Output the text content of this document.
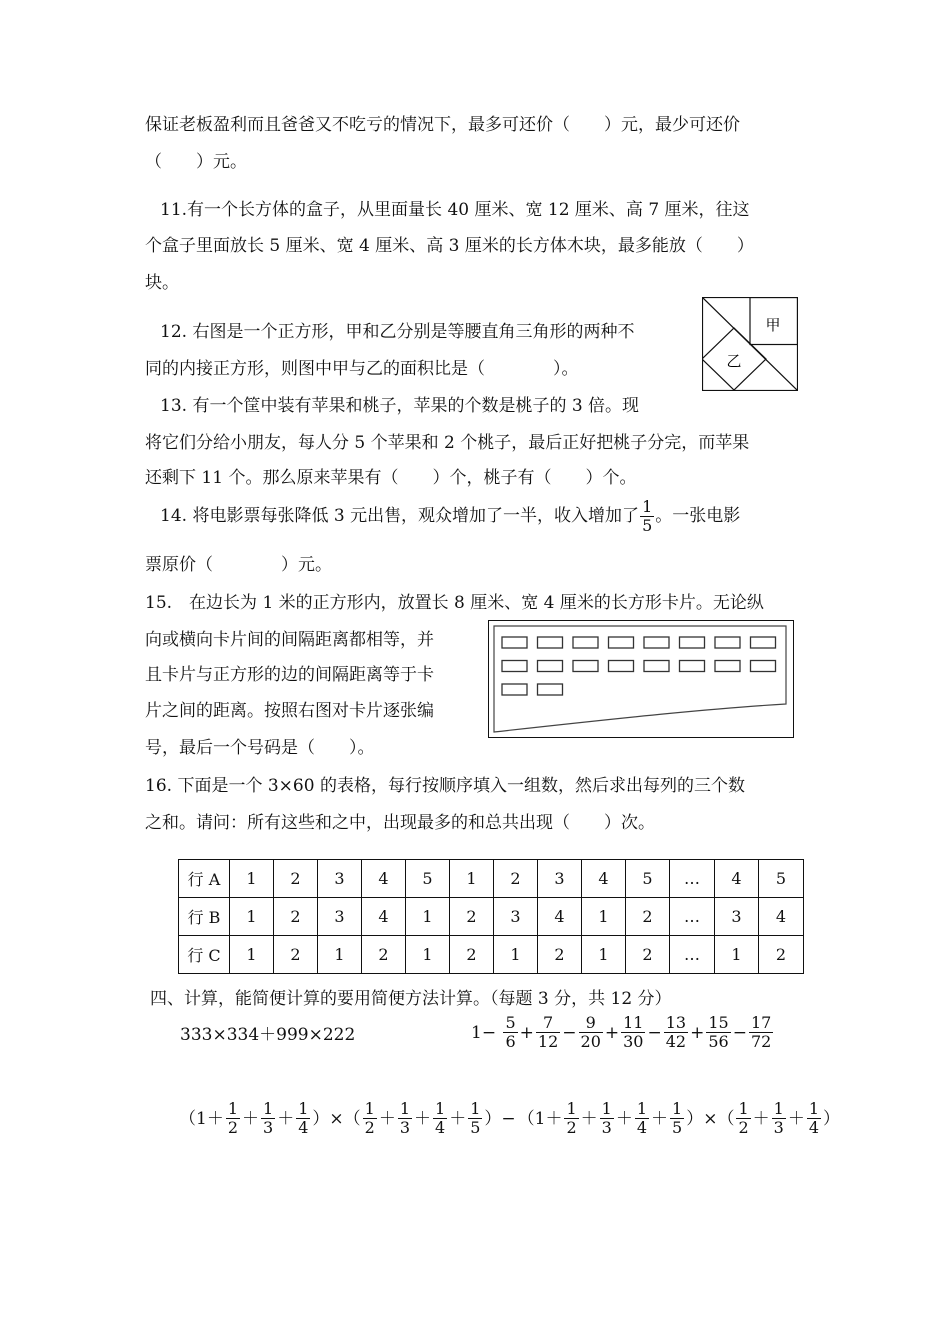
保证老板盈利而且爸爸又不吃亏的情况下，最多可还价（　　）元，最少可还价
（　　）元。
11.有一个长方体的盒子，从里面量长 40 厘米、宽 12 厘米、高 7 厘米，往这
个盒子里面放长 5 厘米、宽 4 厘米、高 3 厘米的长方体木块，最多能放（　　）
块。
12. 右图是一个正方形，甲和乙分别是等腰直角三角形的两种不
同的内接正方形，则图中甲与乙的面积比是（　　　　）。
甲
乙
13. 有一个筐中装有苹果和桃子，苹果的个数是桃子的 3 倍。现
将它们分给小朋友，每人分 5 个苹果和 2 个桃子，最后正好把桃子分完，而苹果
还剩下 11 个。那么原来苹果有（　　）个，桃子有（　　）个。
14. 将电影票每张降低 3 元出售，观众增加了一半，收入增加了 $\frac{1}{5}$ 。一张电影
票原价（　　　　）元。
15.　在边长为 1 米的正方形内，放置长 8 厘米、宽 4 厘米的长方形卡片。无论纵
向或横向卡片间的间隔距离都相等，并
且卡片与正方形的边的间隔距离等于卡
片之间的距离。按照右图对卡片逐张编
号，最后一个号码是（　　）。
16. 下面是一个 3×60 的表格，每行按顺序填入一组数，然后求出每列的三个数
之和。请问：所有这些和之中，出现最多的和总共出现（　　）次。
行 A	1	2	3	4	5	1	2	3	4	5	…	4	5
行 B	1	2	3	4	1	2	3	4	1	2	…	3	4
行 C	1	2	1	2	1	2	1	2	1	2	…	1	2
四、计算，能简便计算的要用简便方法计算。（每题 3 分，共 12 分）
333×334＋999×222	$1- \frac{5}{6} + \frac{7}{12} - \frac{9}{20} + \frac{11}{30} - \frac{13}{42} + \frac{15}{56} - \frac{17}{72}$
（$1+ \frac{1}{2} + \frac{1}{3} + \frac{1}{4}$ ）×（ $\frac{1}{2} + \frac{1}{3} + \frac{1}{4} + \frac{1}{5}$ ）− （$1+ \frac{1}{2} + \frac{1}{3} + \frac{1}{4} + \frac{1}{5}$ ）×（ $\frac{1}{2} + \frac{1}{3} + \frac{1}{4}$ ）
